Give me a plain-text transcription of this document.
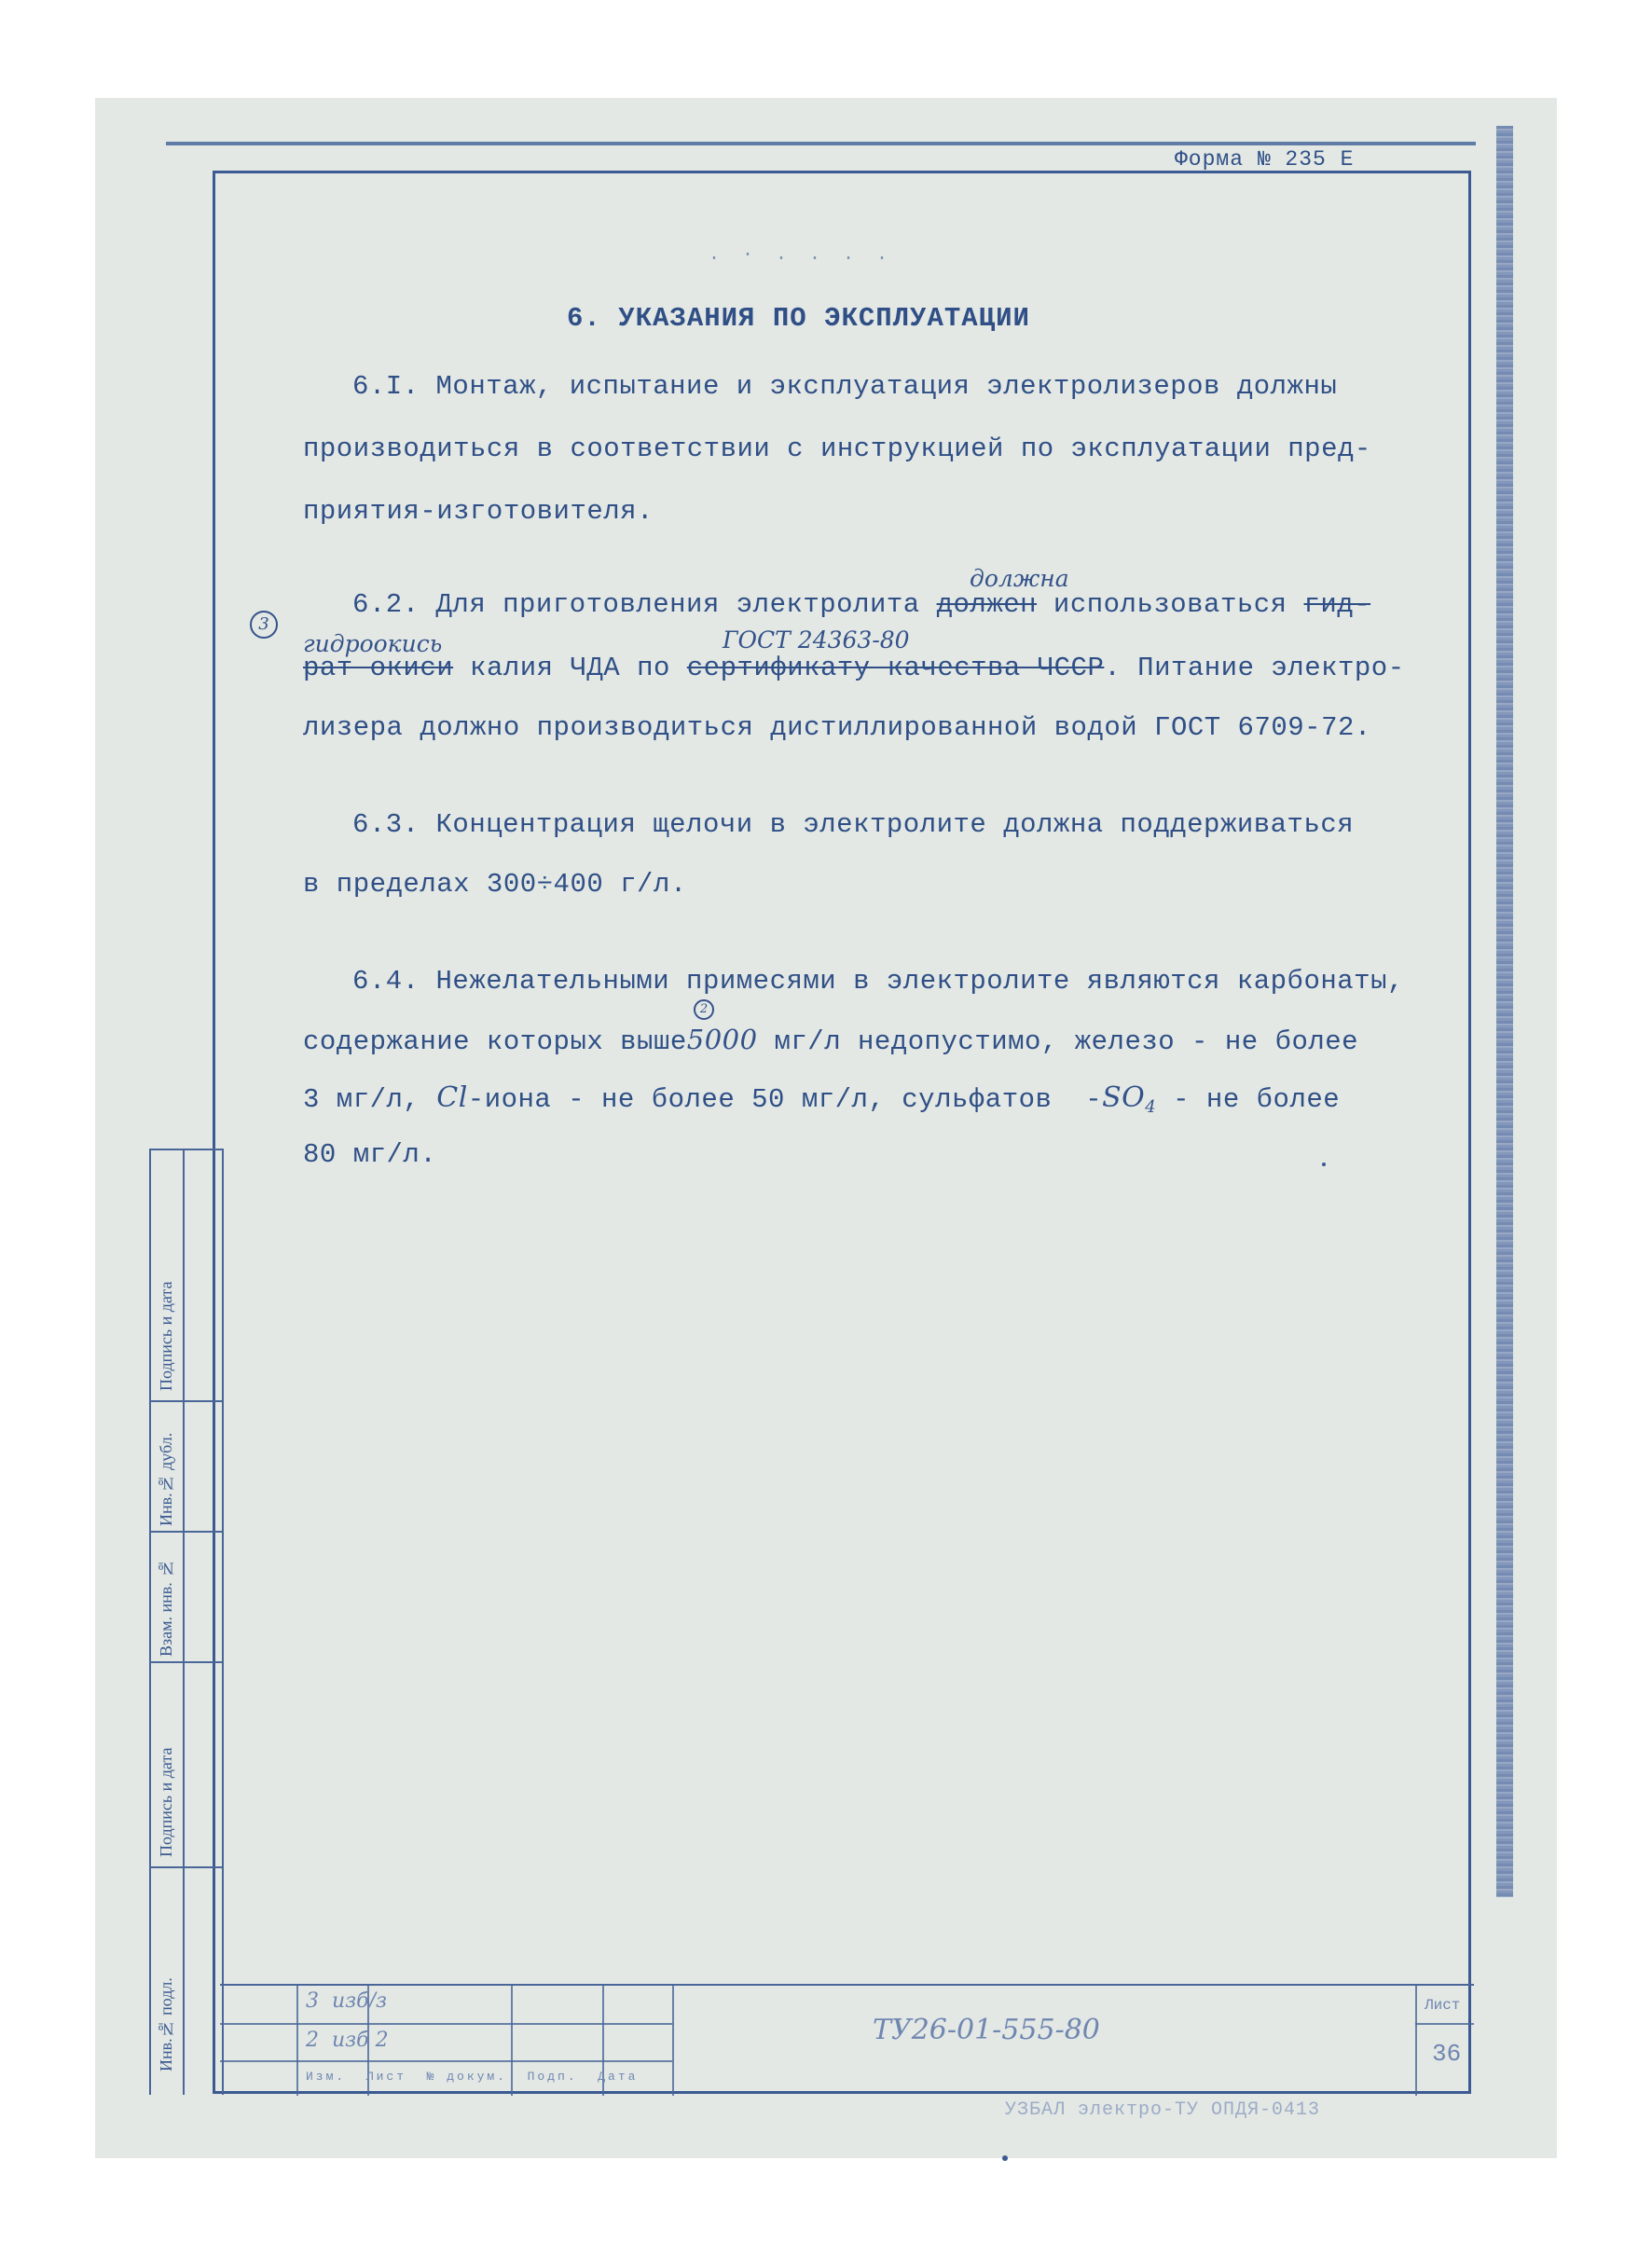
Форма № 235 Е
. · . . . .
6. УКАЗАНИЯ ПО ЭКСПЛУАТАЦИИ
6.I. Монтаж, испытание и эксплуатация электролизеров должны
производиться в соответствии с инструкцией по эксплуатации пред-
приятия-изготовителя.
3
должна
6.2. Для приготовления электролита должен использоваться гид-
гидроокись	ГОСТ 24363-80
рат окиси калия ЧДА по сертификату качества ЧССР. Питание электро-
лизера должно производиться дистиллированной водой ГОСТ 6709-72.
6.3. Концентрация щелочи в электролите должна поддерживаться
в пределах 300÷400 г/л.
6.4. Нежелательными примесями в электролите являются карбонаты,
2
содержание которых выше5000 мг/л недопустимо, железо - не более
3 мг/л, Cl-иона - не более 50 мг/л, сульфатов  $-SO_4$ - не более
80 мг/л.
Подпись и дата
Инв.№ дубл.
Взам. инв. №
Подпись и дата
Инв.№ подл.	3  изб/з
2  изб 2
Изм.  Лист  № докум.  Подп.  Дата
ТУ26-01-555-80
Лист
36
УЗБАЛ электро-ТУ ОПДЯ-0413
